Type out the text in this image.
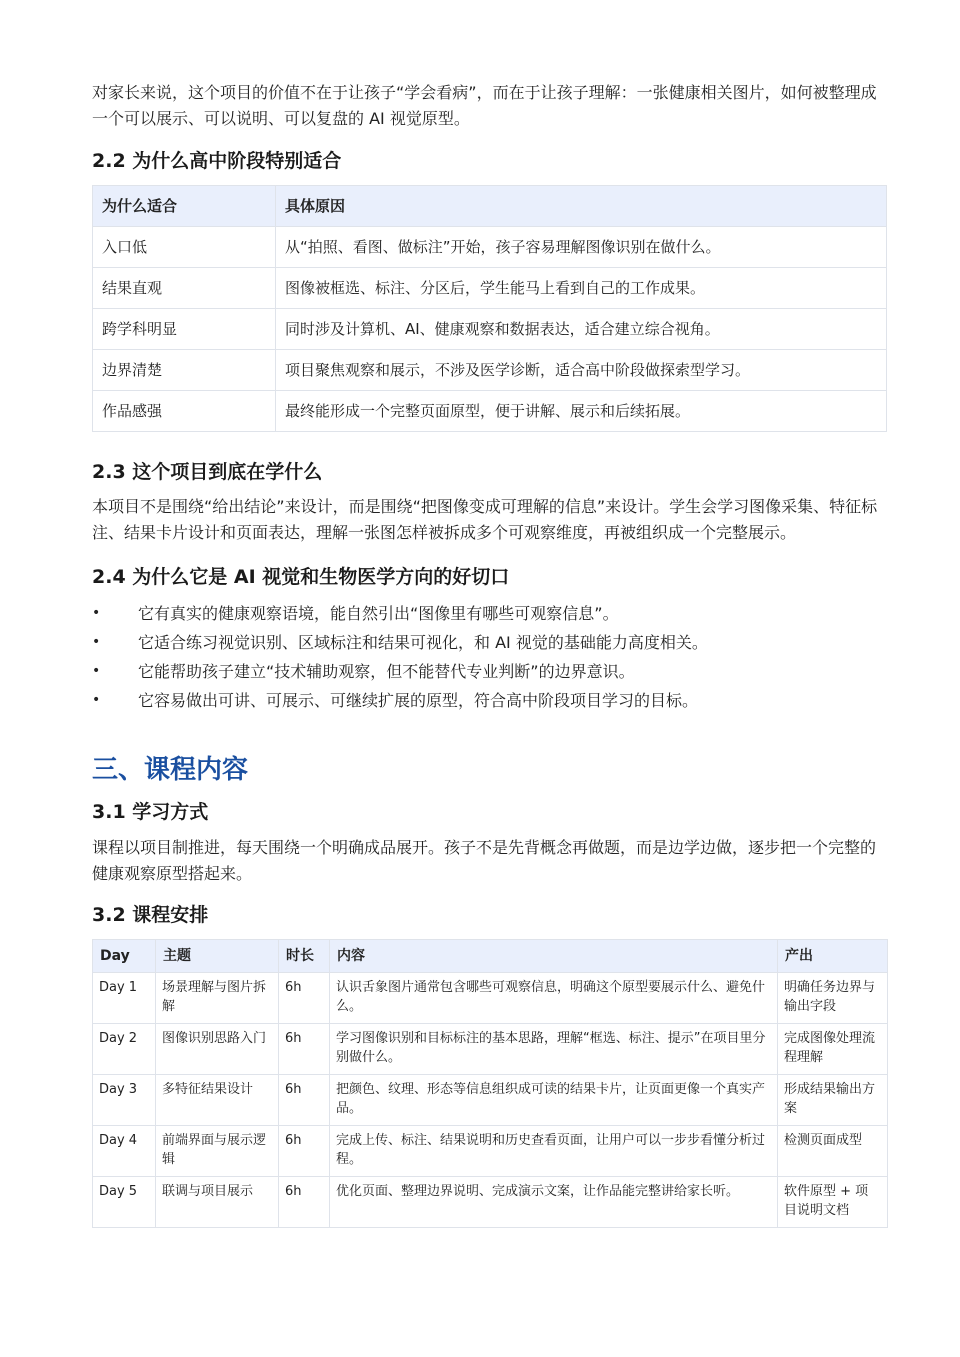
对家长来说，这个项目的价值不在于让孩子“学会看病”，而在于让孩子理解：一张健康相关图片，如何被整理成一个可以展示、可以说明、可以复盘的 AI 视觉原型。

2.2 为什么高中阶段特别适合
为什么适合	具体原因
入口低	从“拍照、看图、做标注”开始，孩子容易理解图像识别在做什么。
结果直观	图像被框选、标注、分区后，学生能马上看到自己的工作成果。
跨学科明显	同时涉及计算机、AI、健康观察和数据表达，适合建立综合视角。
边界清楚	项目聚焦观察和展示，不涉及医学诊断，适合高中阶段做探索型学习。
作品感强	最终能形成一个完整页面原型，便于讲解、展示和后续拓展。
2.3 这个项目到底在学什么

本项目不是围绕“给出结论”来设计，而是围绕“把图像变成可理解的信息”来设计。学生会学习图像采集、特征标注、结果卡片设计和页面表达，理解一张图怎样被拆成多个可观察维度，再被组织成一个完整展示。

2.4 为什么它是 AI 视觉和生物医学方向的好切口
• 它有真实的健康观察语境，能自然引出“图像里有哪些可观察信息”。
• 它适合练习视觉识别、区域标注和结果可视化，和 AI 视觉的基础能力高度相关。
• 它能帮助孩子建立“技术辅助观察，但不能替代专业判断”的边界意识。
• 它容易做出可讲、可展示、可继续扩展的原型，符合高中阶段项目学习的目标。
三、课程内容
3.1 学习方式

课程以项目制推进，每天围绕一个明确成品展开。孩子不是先背概念再做题，而是边学边做，逐步把一个完整的健康观察原型搭起来。

3.2 课程安排
Day	主题	时长	内容	产出
Day 1	场景理解与图片拆解	6h	认识舌象图片通常包含哪些可观察信息，明确这个原型要展示什么、避免什么。	明确任务边界与输出字段
Day 2	图像识别思路入门	6h	学习图像识别和目标标注的基本思路，理解“框选、标注、提示”在项目里分别做什么。	完成图像处理流程理解
Day 3	多特征结果设计	6h	把颜色、纹理、形态等信息组织成可读的结果卡片，让页面更像一个真实产品。	形成结果输出方案
Day 4	前端界面与展示逻辑	6h	完成上传、标注、结果说明和历史查看页面，让用户可以一步步看懂分析过程。	检测页面成型
Day 5	联调与项目展示	6h	优化页面、整理边界说明、完成演示文案，让作品能完整讲给家长听。	软件原型 + 项目说明文档
